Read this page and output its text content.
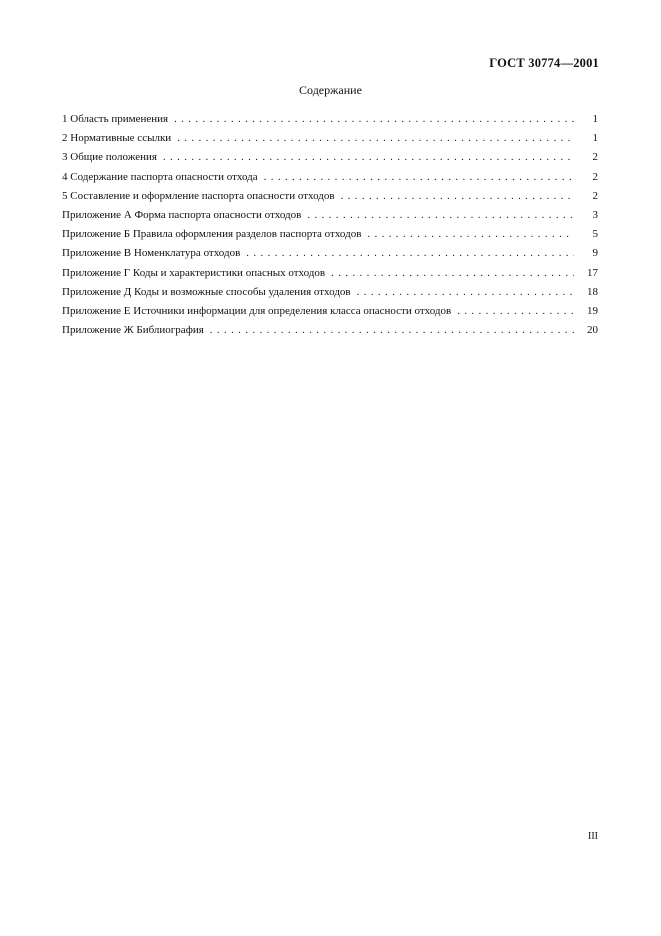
ГОСТ 30774—2001
Содержание
1 Область применения . . .	1
2 Нормативные ссылки . . .	1
3 Общие положения . . .	2
4 Содержание паспорта опасности отхода . . .	2
5 Составление и оформление паспорта опасности отходов . . .	2
Приложение А Форма паспорта опасности отходов . . .	3
Приложение Б Правила оформления разделов паспорта отходов . . .	5
Приложение В Номенклатура отходов . . .	9
Приложение Г Коды и характеристики опасных отходов . . .	17
Приложение Д Коды и возможные способы удаления отходов . . .	18
Приложение Е Источники информации для определения класса опасности отходов . . .	19
Приложение Ж Библиография . . .	20
III
